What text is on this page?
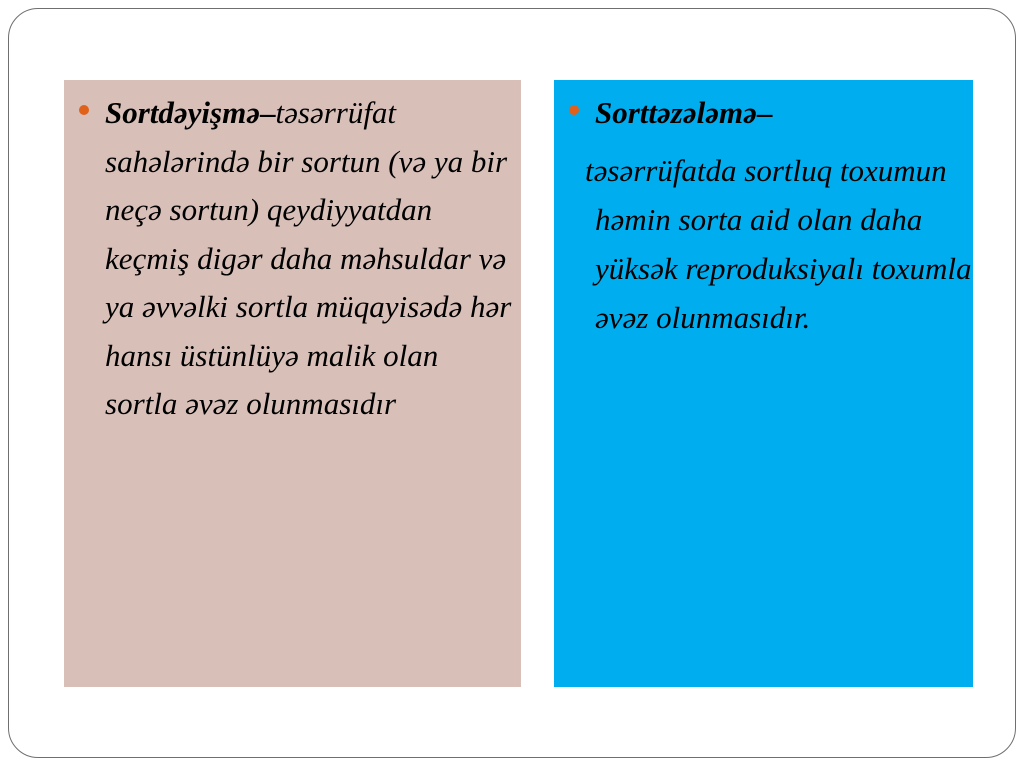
Sortdəyişmə–təsərrüfat sahələrində bir sortun (və ya bir neçə sortun) qeydiyyatdan keçmiş digər daha məhsuldar və ya əvvəlki sortla müqayisədə hər hansı üstünlüyə malik olan sortla əvəz olunmasıdır
Sorttəzələmə–
təsərrüfatda sortluq toxumun həmin sorta aid olan daha yüksək reproduksiyalı toxumla əvəz olunmasıdır.
